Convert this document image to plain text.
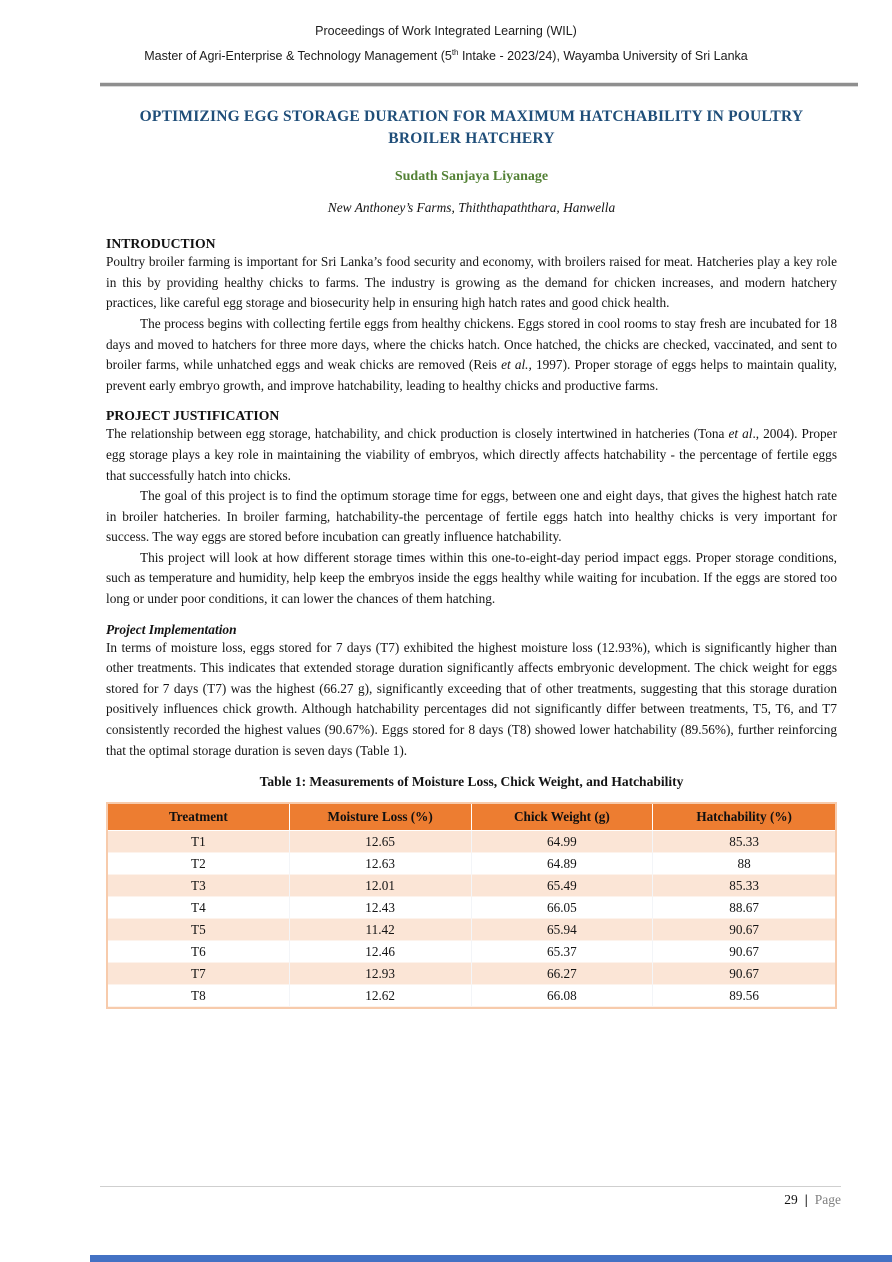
Proceedings of Work Integrated Learning (WIL)
Master of Agri-Enterprise & Technology Management (5th Intake - 2023/24), Wayamba University of Sri Lanka
OPTIMIZING EGG STORAGE DURATION FOR MAXIMUM HATCHABILITY IN POULTRY BROILER HATCHERY
Sudath Sanjaya Liyanage
New Anthoney’s Farms, Thiththapaththara, Hanwella
INTRODUCTION

Poultry broiler farming is important for Sri Lanka’s food security and economy, with broilers raised for meat. Hatcheries play a key role in this by providing healthy chicks to farms. The industry is growing as the demand for chicken increases, and modern hatchery practices, like careful egg storage and biosecurity help in ensuring high hatch rates and good chick health.

The process begins with collecting fertile eggs from healthy chickens. Eggs stored in cool rooms to stay fresh are incubated for 18 days and moved to hatchers for three more days, where the chicks hatch. Once hatched, the chicks are checked, vaccinated, and sent to broiler farms, while unhatched eggs and weak chicks are removed (Reis et al., 1997). Proper storage of eggs helps to maintain quality, prevent early embryo growth, and improve hatchability, leading to healthy chicks and productive farms.

PROJECT JUSTIFICATION

The relationship between egg storage, hatchability, and chick production is closely intertwined in hatcheries (Tona et al., 2004). Proper egg storage plays a key role in maintaining the viability of embryos, which directly affects hatchability - the percentage of fertile eggs that successfully hatch into chicks.

The goal of this project is to find the optimum storage time for eggs, between one and eight days, that gives the highest hatch rate in broiler hatcheries. In broiler farming, hatchability-the percentage of fertile eggs hatch into healthy chicks is very important for success. The way eggs are stored before incubation can greatly influence hatchability.

This project will look at how different storage times within this one-to-eight-day period impact eggs. Proper storage conditions, such as temperature and humidity, help keep the embryos inside the eggs healthy while waiting for incubation. If the eggs are stored too long or under poor conditions, it can lower the chances of them hatching.

Project Implementation

In terms of moisture loss, eggs stored for 7 days (T7) exhibited the highest moisture loss (12.93%), which is significantly higher than other treatments. This indicates that extended storage duration significantly affects embryonic development. The chick weight for eggs stored for 7 days (T7) was the highest (66.27 g), significantly exceeding that of other treatments, suggesting that this storage duration positively influences chick growth. Although hatchability percentages did not significantly differ between treatments, T5, T6, and T7 consistently recorded the highest values (90.67%). Eggs stored for 8 days (T8) showed lower hatchability (89.56%), further reinforcing that the optimal storage duration is seven days (Table 1).

Table 1: Measurements of Moisture Loss, Chick Weight, and Hatchability
Treatment	Moisture Loss (%)	Chick Weight (g)	Hatchability (%)
T1	12.65	64.99	85.33
T2	12.63	64.89	88
T3	12.01	65.49	85.33
T4	12.43	66.05	88.67
T5	11.42	65.94	90.67
T6	12.46	65.37	90.67
T7	12.93	66.27	90.67
T8	12.62	66.08	89.56
29 | Page
